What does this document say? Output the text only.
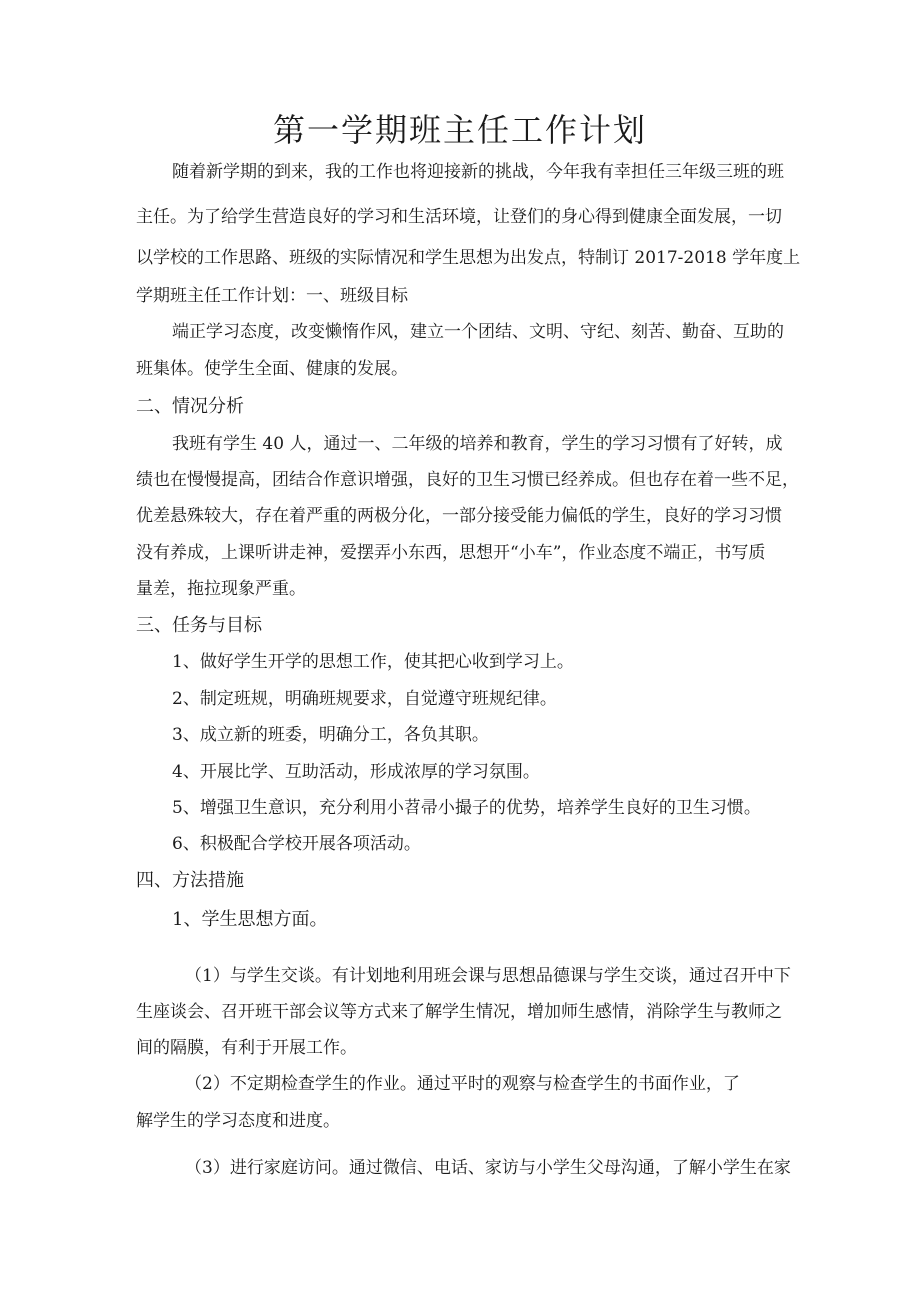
第一学期班主任工作计划

随着新学期的到来，我的工作也将迎接新的挑战，今年我有幸担任三年级三班的班

主任。为了给学生营造良好的学习和生活环境，让登们的身心得到健康全面发展，一切

以学校的工作思路、班级的实际情况和学生思想为出发点，特制订 2017-2018 学年度上

学期班主任工作计划：一、班级目标

端正学习态度，改变懒惰作风，建立一个团结、文明、守纪、刻苦、勤奋、互助的

班集体。使学生全面、健康的发展。

二、情况分析

我班有学生 40 人，通过一、二年级的培养和教育，学生的学习习惯有了好转，成

绩也在慢慢提高，团结合作意识增强，良好的卫生习惯已经养成。但也存在着一些不足，

优差悬殊较大，存在着严重的两极分化，一部分接受能力偏低的学生，良好的学习习惯

没有养成，上课听讲走神，爱摆弄小东西，思想开“小车”，作业态度不端正，书写质

量差，拖拉现象严重。

三、任务与目标

1、做好学生开学的思想工作，使其把心收到学习上。

2、制定班规，明确班规要求，自觉遵守班规纪律。

3、成立新的班委，明确分工，各负其职。

4、开展比学、互助活动，形成浓厚的学习氛围。

5、增强卫生意识，充分利用小苕帚小撮子的优势，培养学生良好的卫生习惯。

6、积极配合学校开展各项活动。

四、方法措施

1、学生思想方面。

（1）与学生交谈。有计划地利用班会课与思想品德课与学生交谈，通过召开中下

生座谈会、召开班干部会议等方式来了解学生情况，增加师生感情，消除学生与教师之

间的隔膜，有利于开展工作。

（2）不定期检查学生的作业。通过平时的观察与检查学生的书面作业，了

解学生的学习态度和进度。

（3）进行家庭访问。通过微信、电话、家访与小学生父母沟通，了解小学生在家
